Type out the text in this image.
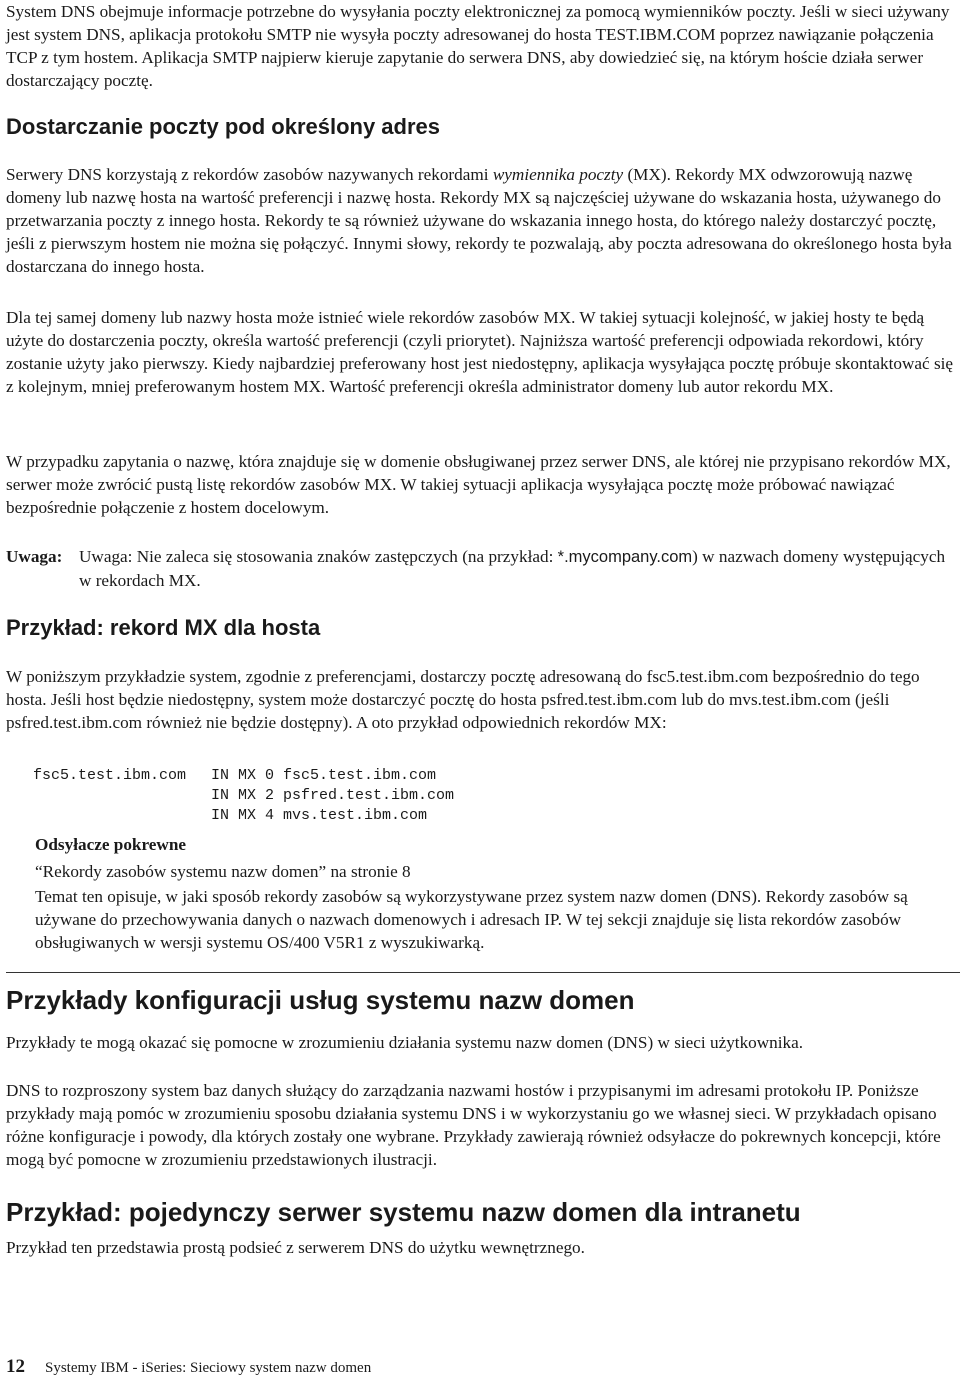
System DNS obejmuje informacje potrzebne do wysyłania poczty elektronicznej za pomocą wymienników poczty. Jeśli w sieci używany jest system DNS, aplikacja protokołu SMTP nie wysyła poczty adresowanej do hosta TEST.IBM.COM poprzez nawiązanie połączenia TCP z tym hostem. Aplikacja SMTP najpierw kieruje zapytanie do serwera DNS, aby dowiedzieć się, na którym hoście działa serwer dostarczający pocztę.

Dostarczanie poczty pod określony adres

Serwery DNS korzystają z rekordów zasobów nazywanych rekordami wymiennika poczty (MX). Rekordy MX odwzorowują nazwę domeny lub nazwę hosta na wartość preferencji i nazwę hosta. Rekordy MX są najczęściej używane do wskazania hosta, używanego do przetwarzania poczty z innego hosta. Rekordy te są również używane do wskazania innego hosta, do którego należy dostarczyć pocztę, jeśli z pierwszym hostem nie można się połączyć. Innymi słowy, rekordy te pozwalają, aby poczta adresowana do określonego hosta była dostarczana do innego hosta.

Dla tej samej domeny lub nazwy hosta może istnieć wiele rekordów zasobów MX. W takiej sytuacji kolejność, w jakiej hosty te będą użyte do dostarczenia poczty, określa wartość preferencji (czyli priorytet). Najniższa wartość preferencji odpowiada rekordowi, który zostanie użyty jako pierwszy. Kiedy najbardziej preferowany host jest niedostępny, aplikacja wysyłająca pocztę próbuje skontaktować się z kolejnym, mniej preferowanym hostem MX. Wartość preferencji określa administrator domeny lub autor rekordu MX.

W przypadku zapytania o nazwę, która znajduje się w domenie obsługiwanej przez serwer DNS, ale której nie przypisano rekordów MX, serwer może zwrócić pustą listę rekordów zasobów MX. W takiej sytuacji aplikacja wysyłająca pocztę może próbować nawiązać bezpośrednie połączenie z hostem docelowym.

Uwaga: Uwaga: Nie zaleca się stosowania znaków zastępczych (na przykład: *.mycompany.com) w nazwach domeny występujących w rekordach MX.
Przykład: rekord MX dla hosta

W poniższym przykładzie system, zgodnie z preferencjami, dostarczy pocztę adresowaną do fsc5.test.ibm.com bezpośrednio do tego hosta. Jeśli host będzie niedostępny, system może dostarczyć pocztę do hosta psfred.test.ibm.com lub do mvs.test.ibm.com (jeśli psfred.test.ibm.com również nie będzie dostępny). A oto przykład odpowiednich rekordów MX:

fsc5.test.ibm.com IN MX 0 fsc5.test.ibm.com
IN MX 2 psfred.test.ibm.com
IN MX 4 mvs.test.ibm.com
Odsyłacze pokrewne

“Rekordy zasobów systemu nazw domen” na stronie 8

Temat ten opisuje, w jaki sposób rekordy zasobów są wykorzystywane przez system nazw domen (DNS). Rekordy zasobów są używane do przechowywania danych o nazwach domenowych i adresach IP. W tej sekcji znajduje się lista rekordów zasobów obsługiwanych w wersji systemu OS/400 V5R1 z wyszukiwarką.

Przykłady konfiguracji usług systemu nazw domen

Przykłady te mogą okazać się pomocne w zrozumieniu działania systemu nazw domen (DNS) w sieci użytkownika.

DNS to rozproszony system baz danych służący do zarządzania nazwami hostów i przypisanymi im adresami protokołu IP. Poniższe przykłady mają pomóc w zrozumieniu sposobu działania systemu DNS i w wykorzystaniu go we własnej sieci. W przykładach opisano różne konfiguracje i powody, dla których zostały one wybrane. Przykłady zawierają również odsyłacze do pokrewnych koncepcji, które mogą być pomocne w zrozumieniu przedstawionych ilustracji.

Przykład: pojedynczy serwer systemu nazw domen dla intranetu

Przykład ten przedstawia prostą podsieć z serwerem DNS do użytku wewnętrznego.

12 Systemy IBM - iSeries: Sieciowy system nazw domen
